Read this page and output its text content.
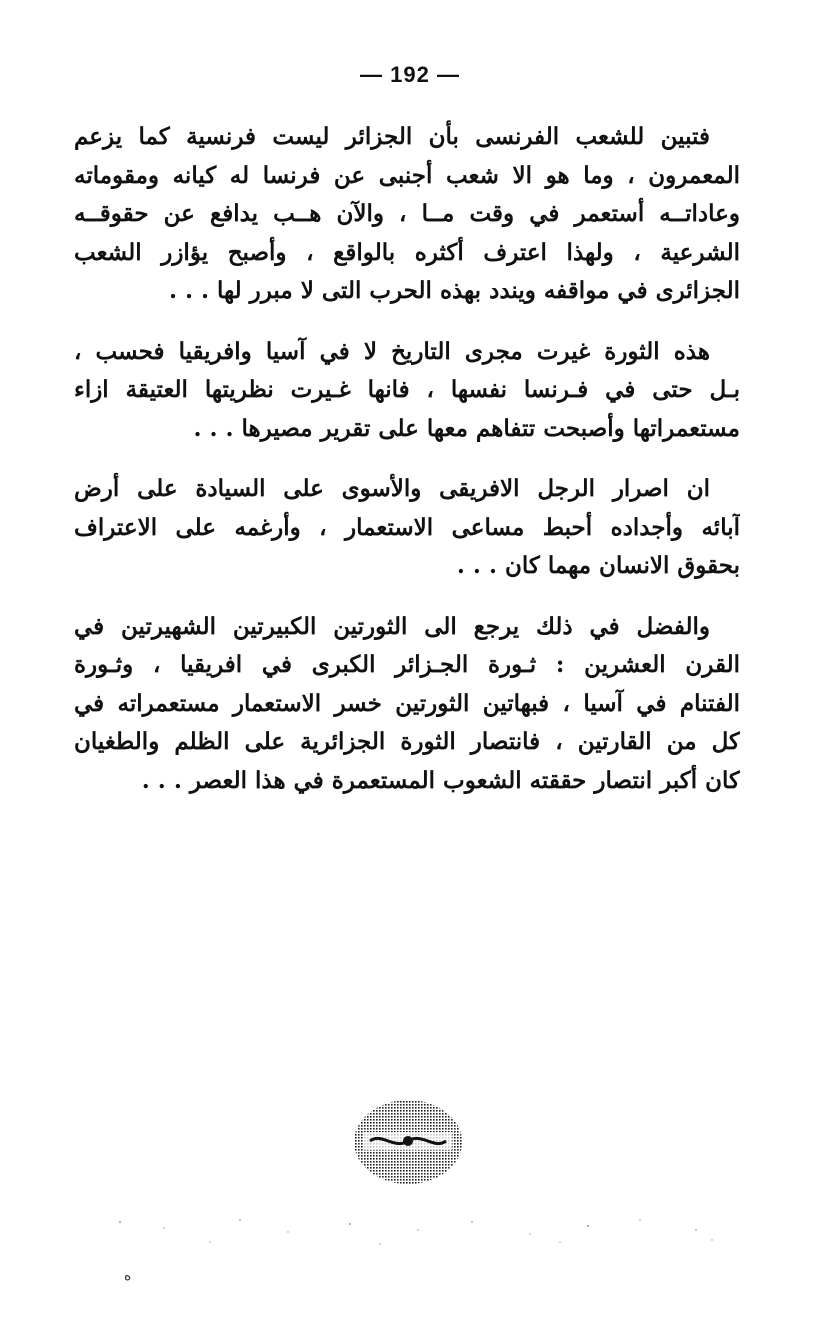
— 192 —
فتبين للشعب الفرنسى بأن الجزائر ليست فرنسية كما يزعم
المعمرون ، وما هو الا شعب أجنبى عن فرنسا له كيانه ومقوماته
وعاداتــه أستعمر في وقت مــا ، والآن هــب يدافع عن حقوقــه
الشرعية ، ولهذا اعترف أكثره بالواقع ، وأصبح يؤازر الشعب
الجزائرى في مواقفه ويندد بهذه الحرب التى لا مبرر لها . . .
هذه الثورة غيرت مجرى التاريخ لا في آسيا وافريقيا فحسب ،
بـل حتى في فـرنسا نفسها ، فانها غـيرت نظريتها العتيقة ازاء
مستعمراتها وأصبحت تتفاهم معها على تقرير مصيرها . . .
ان اصرار الرجل الافريقى والأسوى على السيادة على أرض
آبائه وأجداده أحبط مساعى الاستعمار ، وأرغمه على الاعتراف
بحقوق الانسان مهما كان . . .
والفضل في ذلك يرجع الى الثورتين الكبيرتين الشهيرتين في
القرن العشرين : ثـورة الجـزائر الكبرى في افريقيا ، وثـورة
الفتنام في آسيا ، فبهاتين الثورتين خسر الاستعمار مستعمراته في
كل من القارتين ، فانتصار الثورة الجزائرية على الظلم والطغيان
كان أكبر انتصار حققته الشعوب المستعمرة في هذا العصر . . .
ه
